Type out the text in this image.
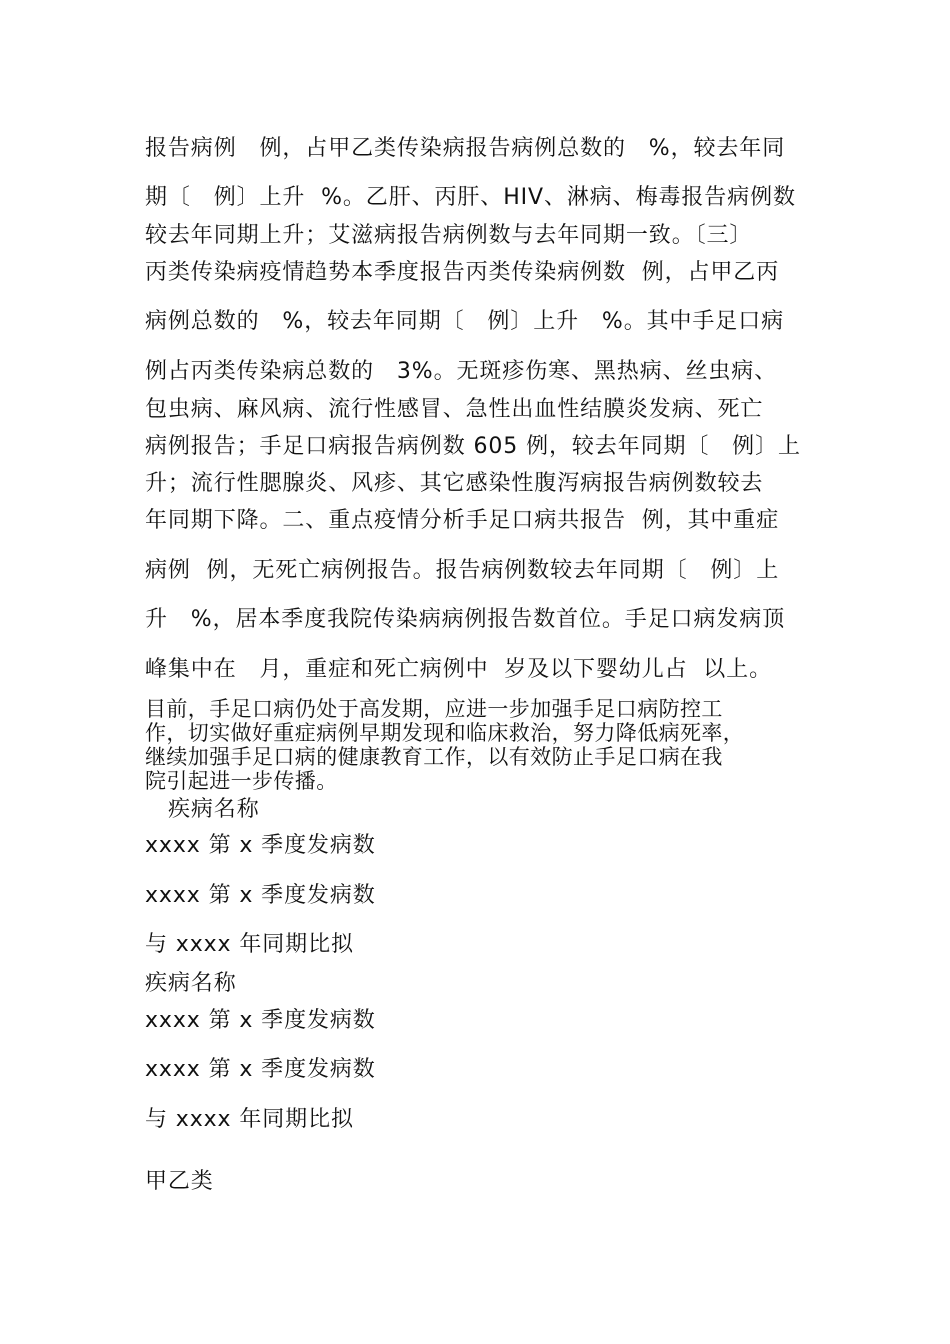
报告病例　例，占甲乙类传染病报告病例总数的　%，较去年同

期〔　例〕上升  %。乙肝、丙肝、HIV、淋病、梅毒报告病例数

较去年同期上升；艾滋病报告病例数与去年同期一致。〔三〕

丙类传染病疫情趋势本季度报告丙类传染病例数  例，占甲乙丙

病例总数的　%，较去年同期〔　例〕上升　%。其中手足口病

例占丙类传染病总数的　3%。无斑疹伤寒、黑热病、丝虫病、

包虫病、麻风病、流行性感冒、急性出血性结膜炎发病、死亡

病例报告；手足口病报告病例数 605 例，较去年同期〔　例〕上

升；流行性腮腺炎、风疹、其它感染性腹泻病报告病例数较去

年同期下降。二、重点疫情分析手足口病共报告  例，其中重症

病例  例，无死亡病例报告。报告病例数较去年同期〔　例〕上

升　%，居本季度我院传染病病例报告数首位。手足口病发病顶

峰集中在　月，重症和死亡病例中  岁及以下婴幼儿占  以上。

目前，手足口病仍处于高发期，应进一步加强手足口病防控工

作，切实做好重症病例早期发现和临床救治，努力降低病死率，

继续加强手足口病的健康教育工作，以有效防止手足口病在我

院引起进一步传播。

疾病名称

xxxx 第 x 季度发病数

xxxx 第 x 季度发病数

与 xxxx 年同期比拟

疾病名称

xxxx 第 x 季度发病数

xxxx 第 x 季度发病数

与 xxxx 年同期比拟

甲乙类
